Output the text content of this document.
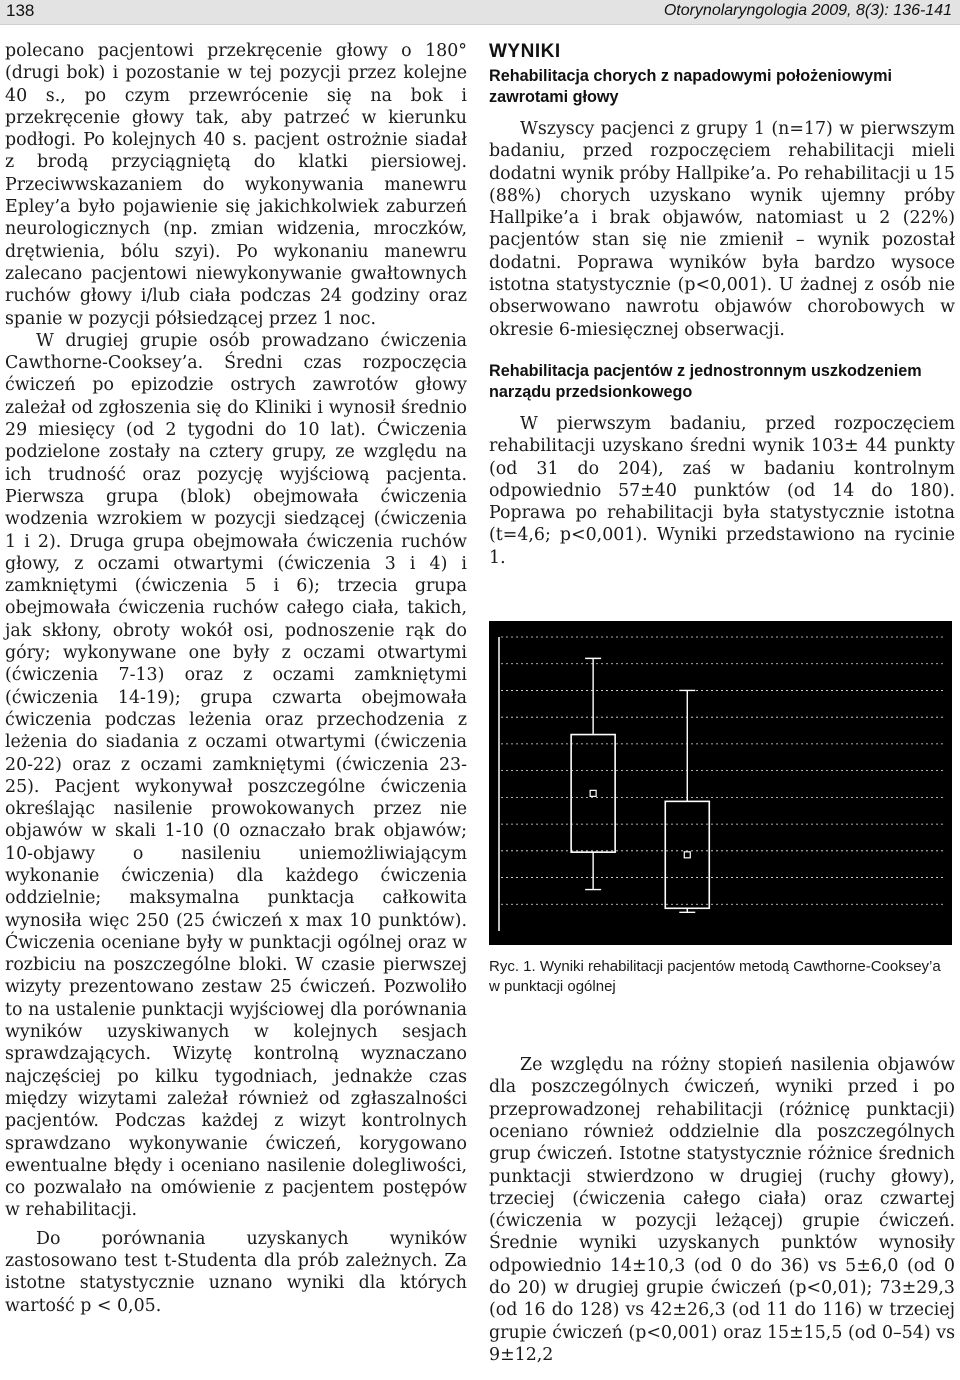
138	Otorynolaryngologia 2009, 8(3): 136-141

polecano pacjentowi przekręcenie głowy o 180° (drugi bok) i pozostanie w tej pozycji przez kolejne 40 s., po czym przewrócenie się na bok i przekręcenie głowy tak, aby patrzeć w kierunku podłogi. Po kolejnych 40 s. pacjent ostrożnie siadał z brodą przyciągniętą do klatki piersiowej. Przeciwwskazaniem do wykonywania manewru Epley’a było pojawienie się jakichkolwiek zaburzeń neurologicznych (np. zmian widzenia, mroczków, drętwienia, bólu szyi). Po wykonaniu manewru zalecano pacjentowi niewykonywanie gwałtownych ruchów głowy i/lub ciała podczas 24 godziny oraz spanie w pozycji półsiedzącej przez 1 noc.

W drugiej grupie osób prowadzano ćwiczenia Cawthorne-Cooksey’a. Średni czas rozpoczęcia ćwiczeń po epizodzie ostrych zawrotów głowy zależał od zgłoszenia się do Kliniki i wynosił średnio 29 miesięcy (od 2 tygodni do 10 lat). Ćwiczenia podzielone zostały na cztery grupy, ze względu na ich trudność oraz pozycję wyjściową pacjenta. Pierwsza grupa (blok) obejmowała ćwiczenia wodzenia wzrokiem w pozycji siedzącej (ćwiczenia 1 i 2). Druga grupa obejmowała ćwiczenia ruchów głowy, z oczami otwartymi (ćwiczenia 3 i 4) i zamkniętymi (ćwiczenia 5 i 6); trzecia grupa obejmowała ćwiczenia ruchów całego ciała, takich, jak skłony, obroty wokół osi, podnoszenie rąk do góry; wykonywane one były z oczami otwartymi (ćwiczenia 7-13) oraz z oczami zamkniętymi (ćwiczenia 14-19); grupa czwarta obejmowała ćwiczenia podczas leżenia oraz przechodzenia z leżenia do siadania z oczami otwartymi (ćwiczenia 20-22) oraz z oczami zamkniętymi (ćwiczenia 23-25). Pacjent wykonywał poszczególne ćwiczenia określając nasilenie prowokowanych przez nie objawów w skali 1-10 (0 oznaczało brak objawów; 10-objawy o nasileniu uniemożliwiającym wykonanie ćwiczenia) dla każdego ćwiczenia oddzielnie; maksymalna punktacja całkowita wynosiła więc 250 (25 ćwiczeń x max 10 punktów). Ćwiczenia oceniane były w punktacji ogólnej oraz w rozbiciu na poszczególne bloki. W czasie pierwszej wizyty prezentowano zestaw 25 ćwiczeń. Pozwoliło to na ustalenie punktacji wyjściowej dla porównania wyników uzyskiwanych w kolejnych sesjach sprawdzających. Wizytę kontrolną wyznaczano najczęściej po kilku tygodniach, jednakże czas między wizytami zależał również od zgłaszalności pacjentów. Podczas każdej z wizyt kontrolnych sprawdzano wykonywanie ćwiczeń, korygowano ewentualne błędy i oceniano nasilenie dolegliwości, co pozwalało na omówienie z pacjentem postępów w rehabilitacji.

Do porównania uzyskanych wyników zastosowano test t-Studenta dla prób zależnych. Za istotne statystycznie uznano wyniki dla których wartość p < 0,05.

WYNIKI
Rehabilitacja chorych z napadowymi położeniowymi zawrotami głowy

Wszyscy pacjenci z grupy 1 (n=17) w pierwszym badaniu, przed rozpoczęciem rehabilitacji mieli dodatni wynik próby Hallpike’a. Po rehabilitacji u 15 (88%) chorych uzyskano wynik ujemny próby Hallpike’a i brak objawów, natomiast u 2 (22%) pacjentów stan się nie zmienił – wynik pozostał dodatni. Poprawa wyników była bardzo wysoce istotna statystycznie (p<0,001). U żadnej z osób nie obserwowano nawrotu objawów chorobowych w okresie 6-miesięcznej obserwacji.

Rehabilitacja pacjentów z jednostronnym uszkodzeniem narządu przedsionkowego

W pierwszym badaniu, przed rozpoczęciem rehabilitacji uzyskano średni wynik 103± 44 punkty (od 31 do 204), zaś w badaniu kontrolnym odpowiednio 57±40 punktów (od 14 do 180). Poprawa po rehabilitacji była statystycznie istotna (t=4,6; p<0,001). Wyniki przedstawiono na rycinie 1.

Ryc. 1. Wyniki rehabilitacji pacjentów metodą Cawthorne-Cooksey’a w punktacji ogólnej

Ze względu na różny stopień nasilenia objawów dla poszczególnych ćwiczeń, wyniki przed i po przeprowadzonej rehabilitacji (różnicę punktacji) oceniano również oddzielnie dla poszczególnych grup ćwiczeń. Istotne statystycznie różnice średnich punktacji stwierdzono w drugiej (ruchy głowy), trzeciej (ćwiczenia całego ciała) oraz czwartej (ćwiczenia w pozycji leżącej) grupie ćwiczeń. Średnie wyniki uzyskanych punktów wynosiły odpowiednio 14±10,3 (od 0 do 36) vs 5±6,0 (od 0 do 20) w drugiej grupie ćwiczeń (p<0,01); 73±29,3 (od 16 do 128) vs 42±26,3 (od 11 do 116) w trzeciej grupie ćwiczeń (p<0,001) oraz 15±15,5 (od 0–54) vs 9±12,2
